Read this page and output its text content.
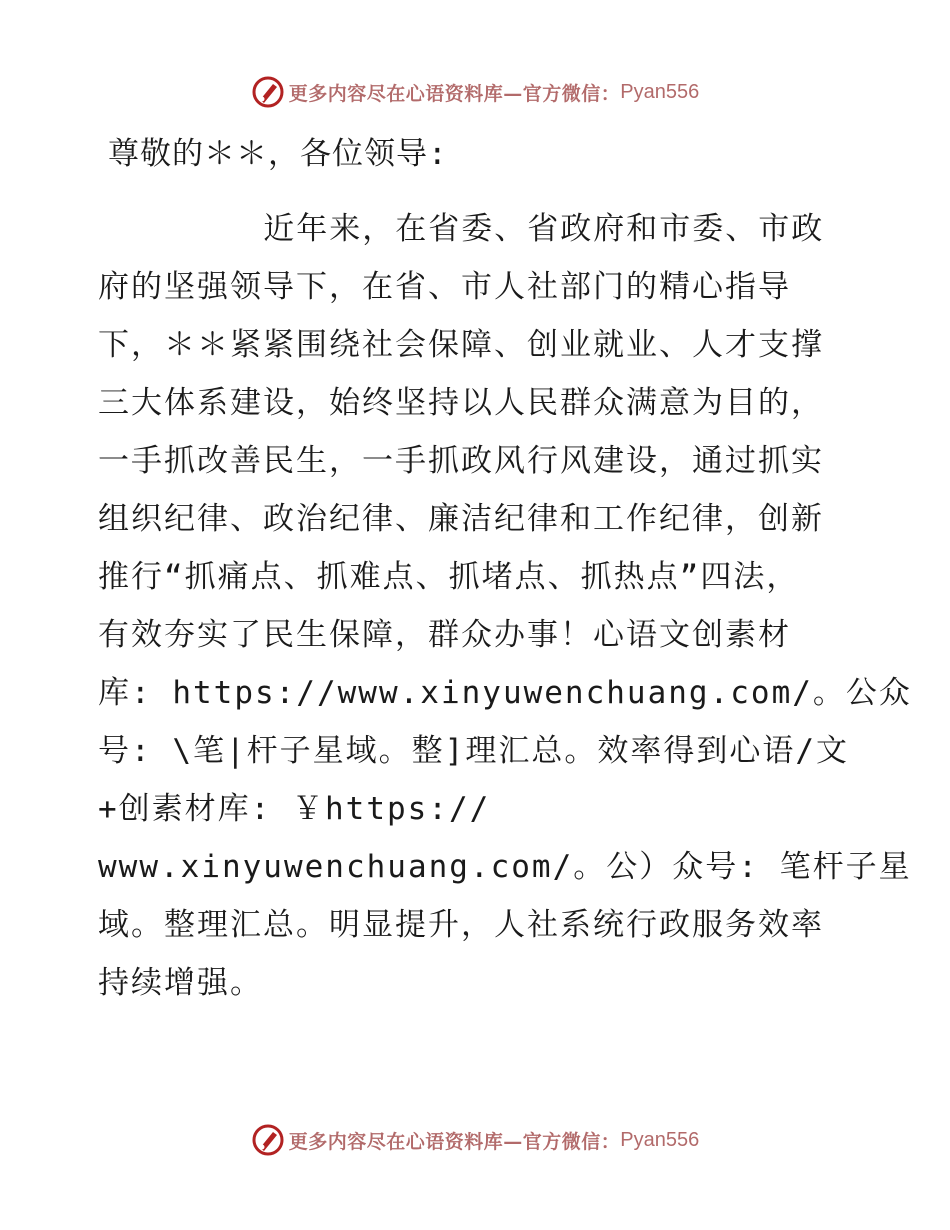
更多内容尽在心语资料库—官方微信： Pyan556
尊敬的＊＊，各位领导:
近年来，在省委、省政府和市委、市政
府的坚强领导下，在省、市人社部门的精心指导
下，＊＊紧紧围绕社会保障、创业就业、人才支撑
三大体系建设，始终坚持以人民群众满意为目的，
一手抓改善民生，一手抓政风行风建设，通过抓实
组织纪律、政治纪律、廉洁纪律和工作纪律，创新
推行“抓痛点、抓难点、抓堵点、抓热点”四法，
有效夯实了民生保障，群众办事！心语文创素材
库: https://www.xinyuwenchuang.com/。公众
号: \笔|杆子星域。整]理汇总。效率得到心语/文
+创素材库: ￥https://
www.xinyuwenchuang.com/。公）众号: 笔杆子星
域。整理汇总。明显提升，人社系统行政服务效率
持续增强。
更多内容尽在心语资料库—官方微信： Pyan556
